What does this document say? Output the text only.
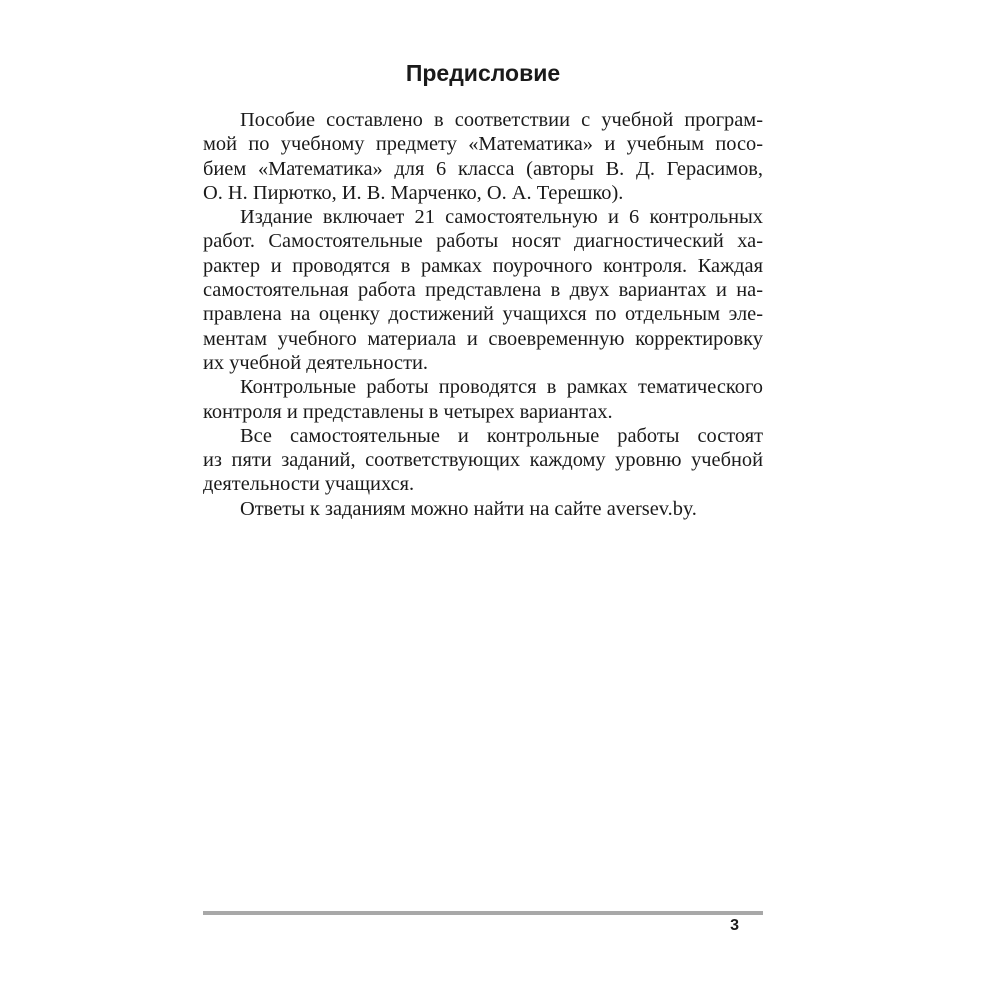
Предисловие
Пособие составлено в соответствии с учебной програм-
мой по учебному предмету «Математика» и учебным посо-
бием «Математика» для 6 класса (авторы В. Д. Герасимов,
О. Н. Пирютко, И. В. Марченко, О. А. Терешко).
Издание включает 21 самостоятельную и 6 контрольных
работ. Самостоятельные работы носят диагностический ха-
рактер и проводятся в рамках поурочного контроля. Каждая
самостоятельная работа представлена в двух вариантах и на-
правлена на оценку достижений учащихся по отдельным эле-
ментам учебного материала и своевременную корректировку
их учебной деятельности.
Контрольные работы проводятся в рамках тематического
контроля и представлены в четырех вариантах.
Все самостоятельные и контрольные работы состоят
из пяти заданий, соответствующих каждому уровню учебной
деятельности учащихся.
Ответы к заданиям можно найти на сайте aversev.by.
3
